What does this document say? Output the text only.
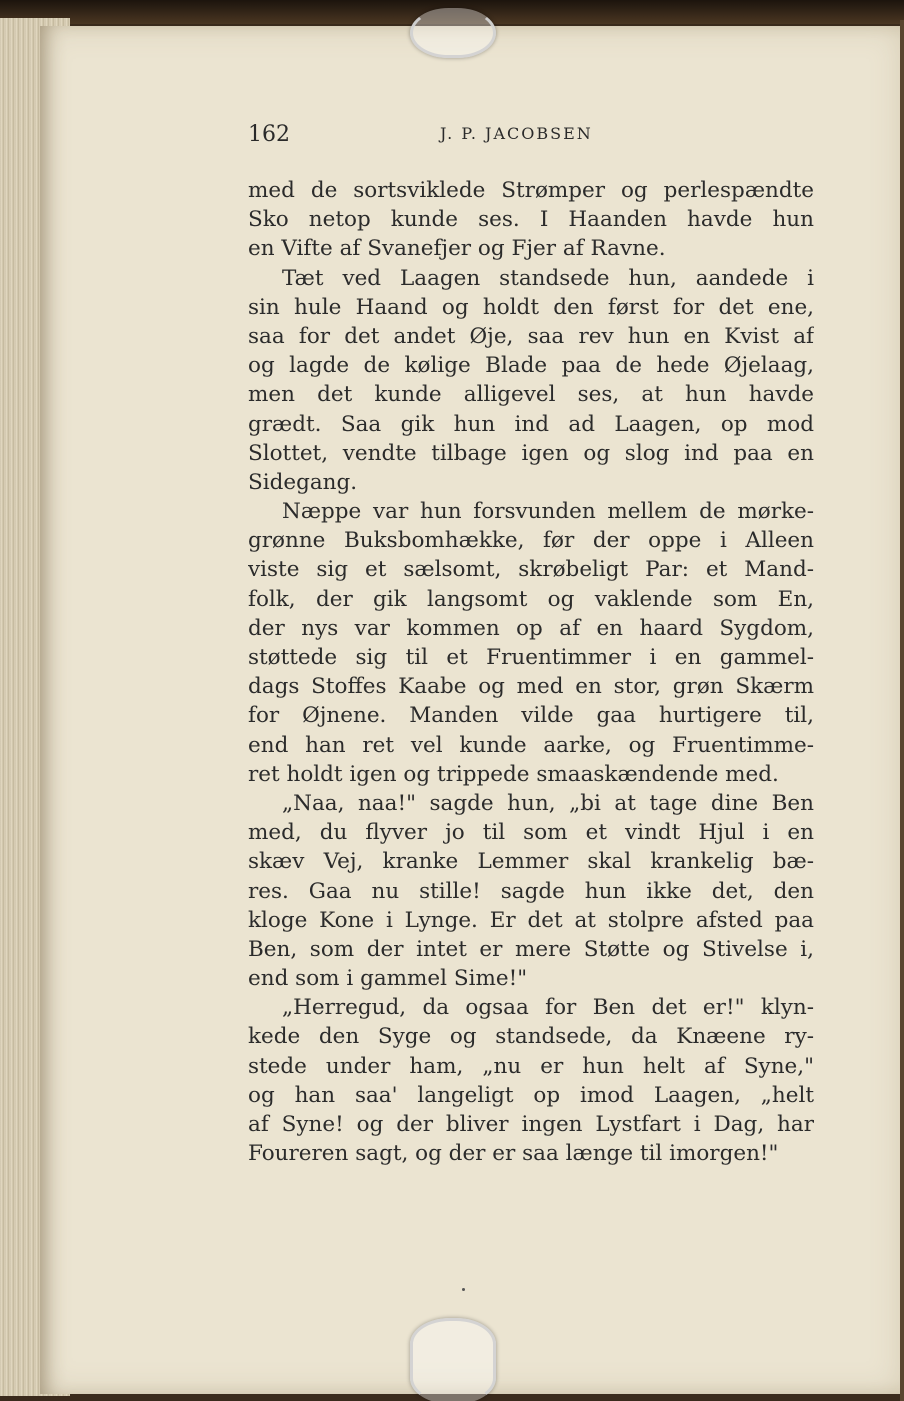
162	J. P. JACOBSEN
med de sortsviklede Strømper og perlespændte
Sko netop kunde ses. I Haanden havde hun
en Vifte af Svanefjer og Fjer af Ravne.
Tæt ved Laagen standsede hun, aandede i
sin hule Haand og holdt den først for det ene,
saa for det andet Øje, saa rev hun en Kvist af
og lagde de kølige Blade paa de hede Øjelaag,
men det kunde alligevel ses, at hun havde
grædt. Saa gik hun ind ad Laagen, op mod
Slottet, vendte tilbage igen og slog ind paa en
Sidegang.
Næppe var hun forsvunden mellem de mørke-
grønne Buksbomhække, før der oppe i Alleen
viste sig et sælsomt, skrøbeligt Par: et Mand-
folk, der gik langsomt og vaklende som En,
der nys var kommen op af en haard Sygdom,
støttede sig til et Fruentimmer i en gammel-
dags Stoffes Kaabe og med en stor, grøn Skærm
for Øjnene. Manden vilde gaa hurtigere til,
end han ret vel kunde aarke, og Fruentimme-
ret holdt igen og trippede smaaskændende med.
„Naa, naa!" sagde hun, „bi at tage dine Ben
med, du flyver jo til som et vindt Hjul i en
skæv Vej, kranke Lemmer skal krankelig bæ-
res. Gaa nu stille! sagde hun ikke det, den
kloge Kone i Lynge. Er det at stolpre afsted paa
Ben, som der intet er mere Støtte og Stivelse i,
end som i gammel Sime!"
„Herregud, da ogsaa for Ben det er!" klyn-
kede den Syge og standsede, da Knæene ry-
stede under ham, „nu er hun helt af Syne,"
og han saa' langeligt op imod Laagen, „helt
af Syne! og der bliver ingen Lystfart i Dag, har
Foureren sagt, og der er saa længe til imorgen!"
